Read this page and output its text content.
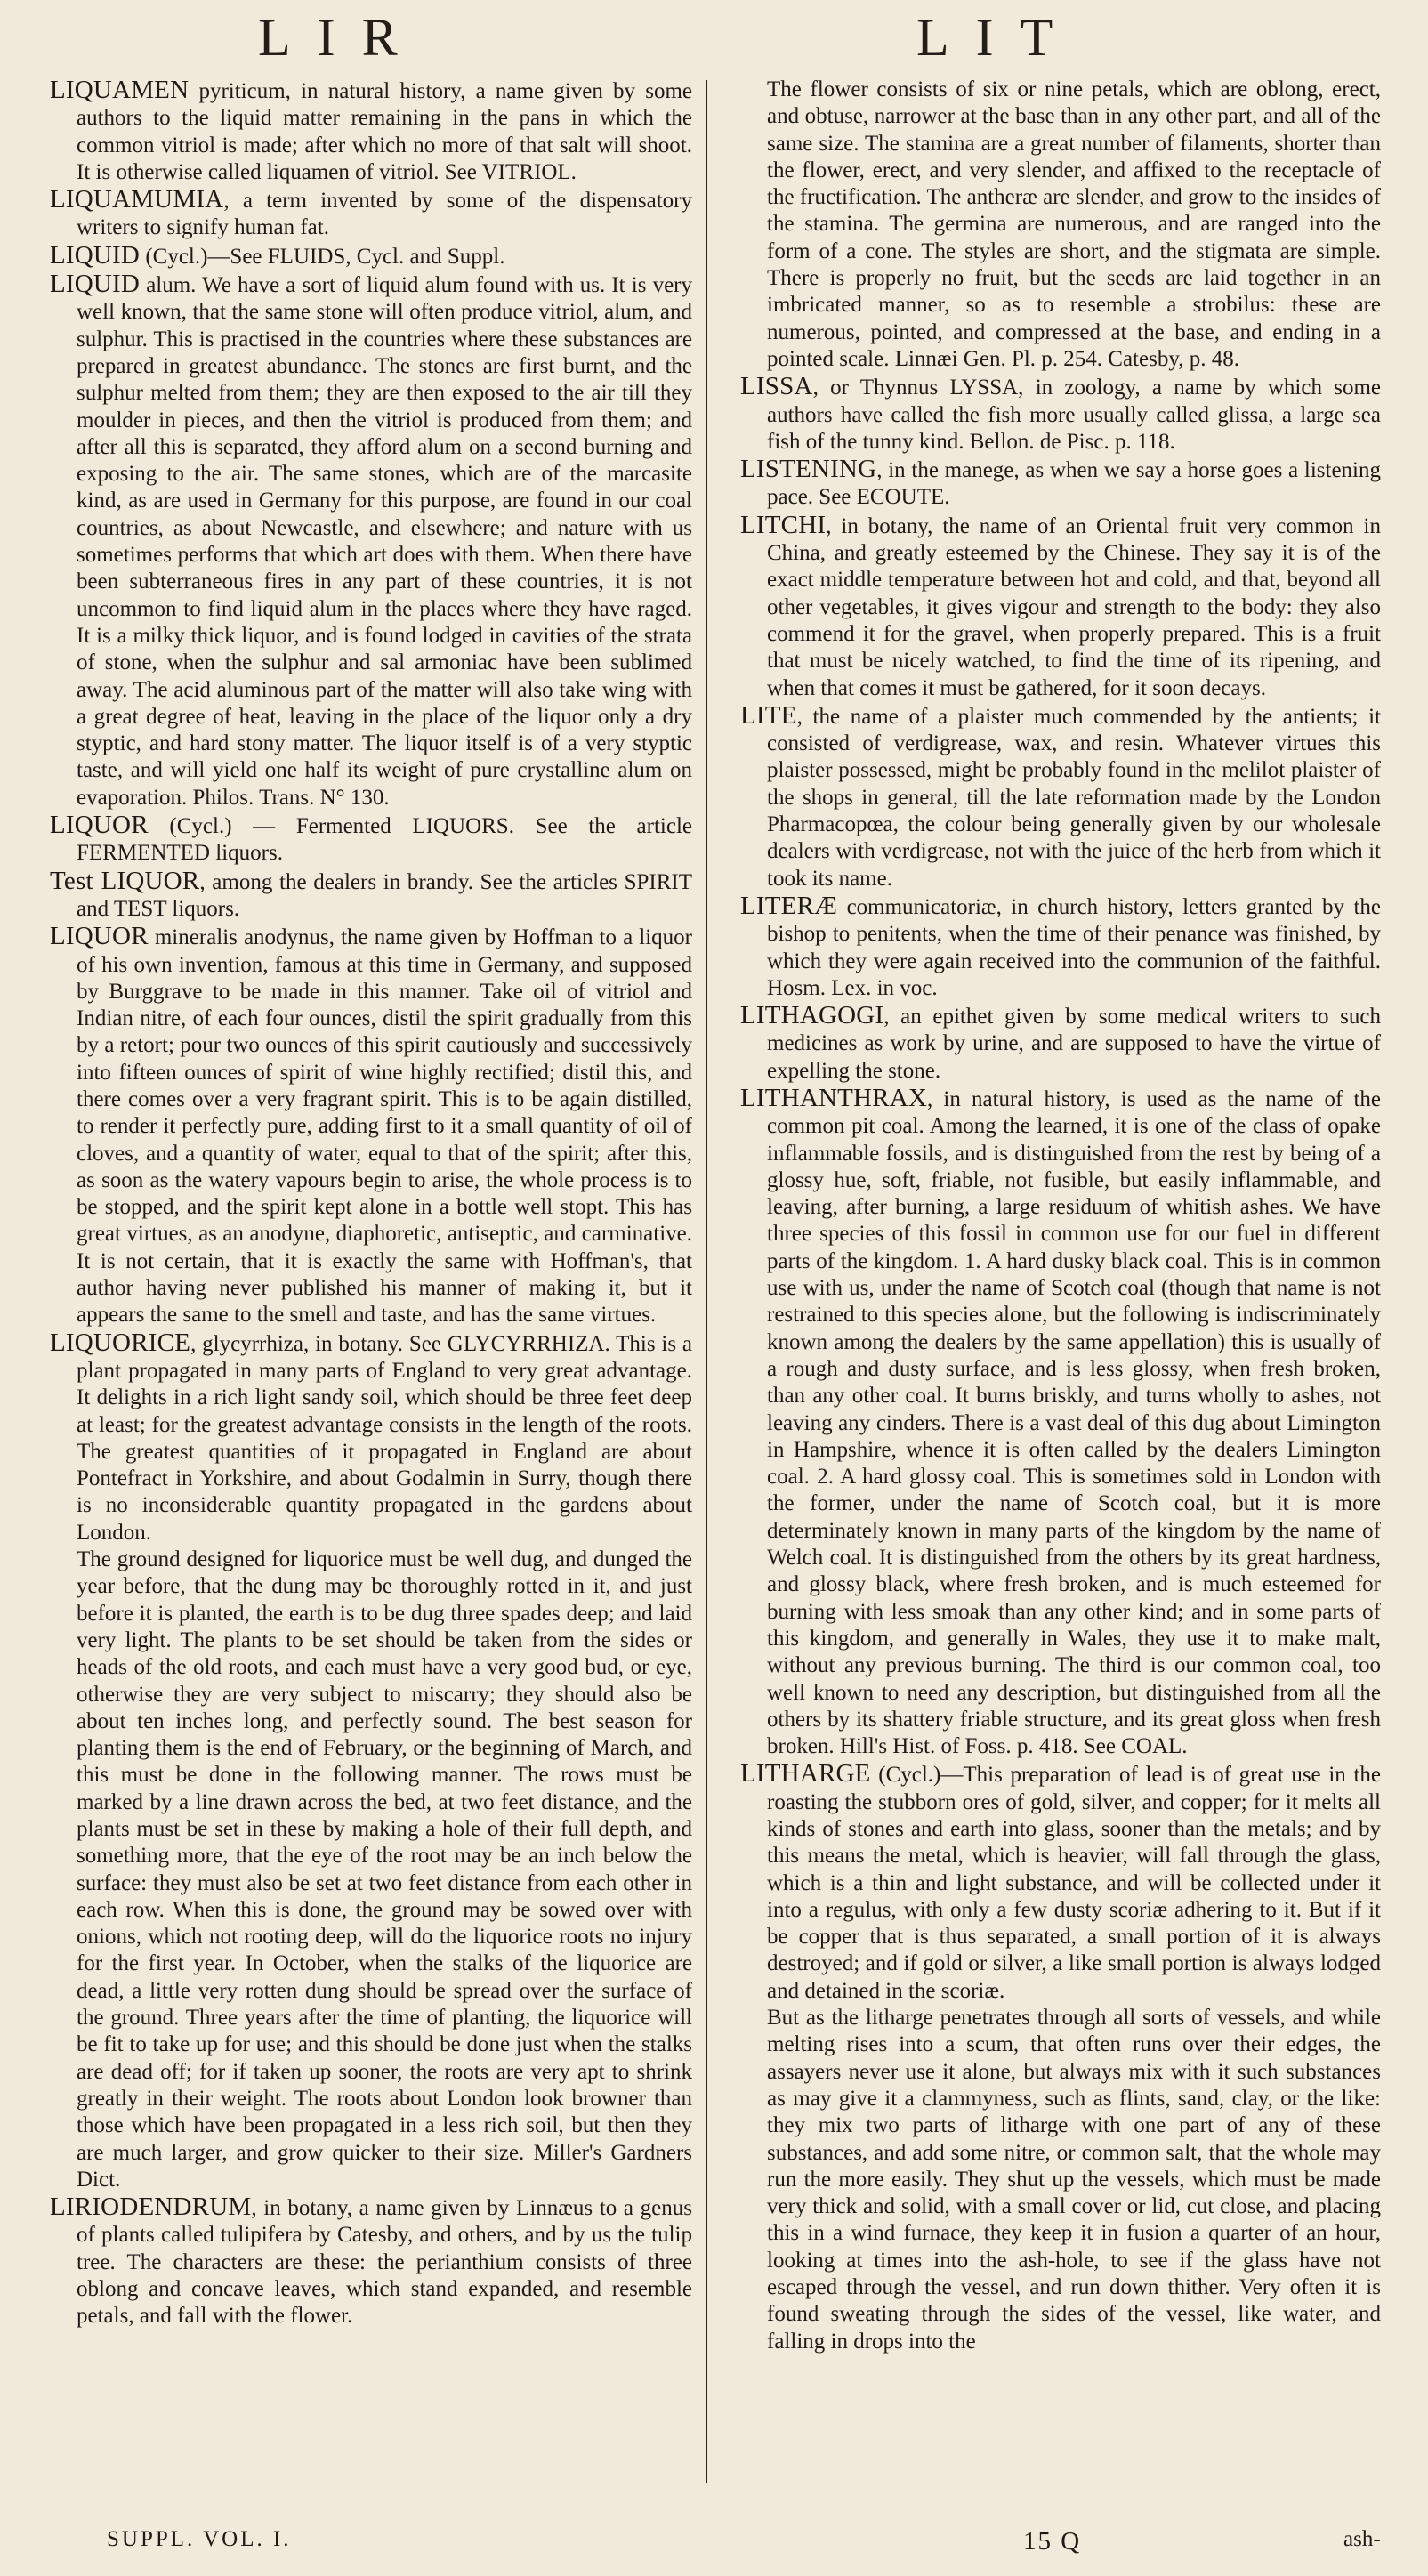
LIR	LIT

LIQUAMEN pyriticum, in natural history, a name given by some authors to the liquid matter remaining in the pans in which the common vitriol is made; after which no more of that salt will shoot. It is otherwise called liquamen of vitriol. See VITRIOL.

LIQUAMUMIA, a term invented by some of the dispensatory writers to signify human fat.

LIQUID (Cycl.)—See FLUIDS, Cycl. and Suppl.

LIQUID alum. We have a sort of liquid alum found with us. It is very well known, that the same stone will often produce vitriol, alum, and sulphur. This is practised in the countries where these substances are prepared in greatest abundance. The stones are first burnt, and the sulphur melted from them; they are then exposed to the air till they moulder in pieces, and then the vitriol is produced from them; and after all this is separated, they afford alum on a second burning and exposing to the air. The same stones, which are of the marcasite kind, as are used in Germany for this purpose, are found in our coal countries, as about Newcastle, and elsewhere; and nature with us sometimes performs that which art does with them. When there have been subterraneous fires in any part of these countries, it is not uncommon to find liquid alum in the places where they have raged. It is a milky thick liquor, and is found lodged in cavities of the strata of stone, when the sulphur and sal armoniac have been sublimed away. The acid aluminous part of the matter will also take wing with a great degree of heat, leaving in the place of the liquor only a dry styptic, and hard stony matter. The liquor itself is of a very styptic taste, and will yield one half its weight of pure crystalline alum on evaporation. Philos. Trans. N° 130.

LIQUOR (Cycl.) — Fermented LIQUORS. See the article FERMENTED liquors.

Test LIQUOR, among the dealers in brandy. See the articles SPIRIT and TEST liquors.

LIQUOR mineralis anodynus, the name given by Hoffman to a liquor of his own invention, famous at this time in Germany, and supposed by Burggrave to be made in this manner. Take oil of vitriol and Indian nitre, of each four ounces, distil the spirit gradually from this by a retort; pour two ounces of this spirit cautiously and successively into fifteen ounces of spirit of wine highly rectified; distil this, and there comes over a very fragrant spirit. This is to be again distilled, to render it perfectly pure, adding first to it a small quantity of oil of cloves, and a quantity of water, equal to that of the spirit; after this, as soon as the watery vapours begin to arise, the whole process is to be stopped, and the spirit kept alone in a bottle well stopt. This has great virtues, as an anodyne, diaphoretic, antiseptic, and carminative. It is not certain, that it is exactly the same with Hoffman's, that author having never published his manner of making it, but it appears the same to the smell and taste, and has the same virtues.

LIQUORICE, glycyrrhiza, in botany. See GLYCYRRHIZA. This is a plant propagated in many parts of England to very great advantage. It delights in a rich light sandy soil, which should be three feet deep at least; for the greatest advantage consists in the length of the roots. The greatest quantities of it propagated in England are about Pontefract in Yorkshire, and about Godalmin in Surry, though there is no inconsiderable quantity propagated in the gardens about London.

The ground designed for liquorice must be well dug, and dunged the year before, that the dung may be thoroughly rotted in it, and just before it is planted, the earth is to be dug three spades deep; and laid very light. The plants to be set should be taken from the sides or heads of the old roots, and each must have a very good bud, or eye, otherwise they are very subject to miscarry; they should also be about ten inches long, and perfectly sound. The best season for planting them is the end of February, or the beginning of March, and this must be done in the following manner. The rows must be marked by a line drawn across the bed, at two feet distance, and the plants must be set in these by making a hole of their full depth, and something more, that the eye of the root may be an inch below the surface: they must also be set at two feet distance from each other in each row. When this is done, the ground may be sowed over with onions, which not rooting deep, will do the liquorice roots no injury for the first year. In October, when the stalks of the liquorice are dead, a little very rotten dung should be spread over the surface of the ground. Three years after the time of planting, the liquorice will be fit to take up for use; and this should be done just when the stalks are dead off; for if taken up sooner, the roots are very apt to shrink greatly in their weight. The roots about London look browner than those which have been propagated in a less rich soil, but then they are much larger, and grow quicker to their size. Miller's Gardners Dict.

LIRIODENDRUM, in botany, a name given by Linnæus to a genus of plants called tulipifera by Catesby, and others, and by us the tulip tree. The characters are these: the perianthium consists of three oblong and concave leaves, which stand expanded, and resemble petals, and fall with the flower.

The flower consists of six or nine petals, which are oblong, erect, and obtuse, narrower at the base than in any other part, and all of the same size. The stamina are a great number of filaments, shorter than the flower, erect, and very slender, and affixed to the receptacle of the fructification. The antheræ are slender, and grow to the insides of the stamina. The germina are numerous, and are ranged into the form of a cone. The styles are short, and the stigmata are simple. There is properly no fruit, but the seeds are laid together in an imbricated manner, so as to resemble a strobilus: these are numerous, pointed, and compressed at the base, and ending in a pointed scale. Linnæi Gen. Pl. p. 254. Catesby, p. 48.

LISSA, or Thynnus LYSSA, in zoology, a name by which some authors have called the fish more usually called glissa, a large sea fish of the tunny kind. Bellon. de Pisc. p. 118.

LISTENING, in the manege, as when we say a horse goes a listening pace. See ECOUTE.

LITCHI, in botany, the name of an Oriental fruit very common in China, and greatly esteemed by the Chinese. They say it is of the exact middle temperature between hot and cold, and that, beyond all other vegetables, it gives vigour and strength to the body: they also commend it for the gravel, when properly prepared. This is a fruit that must be nicely watched, to find the time of its ripening, and when that comes it must be gathered, for it soon decays.

LITE, the name of a plaister much commended by the antients; it consisted of verdigrease, wax, and resin. Whatever virtues this plaister possessed, might be probably found in the melilot plaister of the shops in general, till the late reformation made by the London Pharmacopœa, the colour being generally given by our wholesale dealers with verdigrease, not with the juice of the herb from which it took its name.

LITERÆ communicatoriæ, in church history, letters granted by the bishop to penitents, when the time of their penance was finished, by which they were again received into the communion of the faithful. Hosm. Lex. in voc.

LITHAGOGI, an epithet given by some medical writers to such medicines as work by urine, and are supposed to have the virtue of expelling the stone.

LITHANTHRAX, in natural history, is used as the name of the common pit coal. Among the learned, it is one of the class of opake inflammable fossils, and is distinguished from the rest by being of a glossy hue, soft, friable, not fusible, but easily inflammable, and leaving, after burning, a large residuum of whitish ashes. We have three species of this fossil in common use for our fuel in different parts of the kingdom. 1. A hard dusky black coal. This is in common use with us, under the name of Scotch coal (though that name is not restrained to this species alone, but the following is indiscriminately known among the dealers by the same appellation) this is usually of a rough and dusty surface, and is less glossy, when fresh broken, than any other coal. It burns briskly, and turns wholly to ashes, not leaving any cinders. There is a vast deal of this dug about Limington in Hampshire, whence it is often called by the dealers Limington coal. 2. A hard glossy coal. This is sometimes sold in London with the former, under the name of Scotch coal, but it is more determinately known in many parts of the kingdom by the name of Welch coal. It is distinguished from the others by its great hardness, and glossy black, where fresh broken, and is much esteemed for burning with less smoak than any other kind; and in some parts of this kingdom, and generally in Wales, they use it to make malt, without any previous burning. The third is our common coal, too well known to need any description, but distinguished from all the others by its shattery friable structure, and its great gloss when fresh broken. Hill's Hist. of Foss. p. 418. See COAL.

LITHARGE (Cycl.)—This preparation of lead is of great use in the roasting the stubborn ores of gold, silver, and copper; for it melts all kinds of stones and earth into glass, sooner than the metals; and by this means the metal, which is heavier, will fall through the glass, which is a thin and light substance, and will be collected under it into a regulus, with only a few dusty scoriæ adhering to it. But if it be copper that is thus separated, a small portion of it is always destroyed; and if gold or silver, a like small portion is always lodged and detained in the scoriæ.

But as the litharge penetrates through all sorts of vessels, and while melting rises into a scum, that often runs over their edges, the assayers never use it alone, but always mix with it such substances as may give it a clammyness, such as flints, sand, clay, or the like: they mix two parts of litharge with one part of any of these substances, and add some nitre, or common salt, that the whole may run the more easily. They shut up the vessels, which must be made very thick and solid, with a small cover or lid, cut close, and placing this in a wind furnace, they keep it in fusion a quarter of an hour, looking at times into the ash-hole, to see if the glass have not escaped through the vessel, and run down thither. Very often it is found sweating through the sides of the vessel, like water, and falling in drops into the

SUPPL. VOL. I.	15 Q	ash-
